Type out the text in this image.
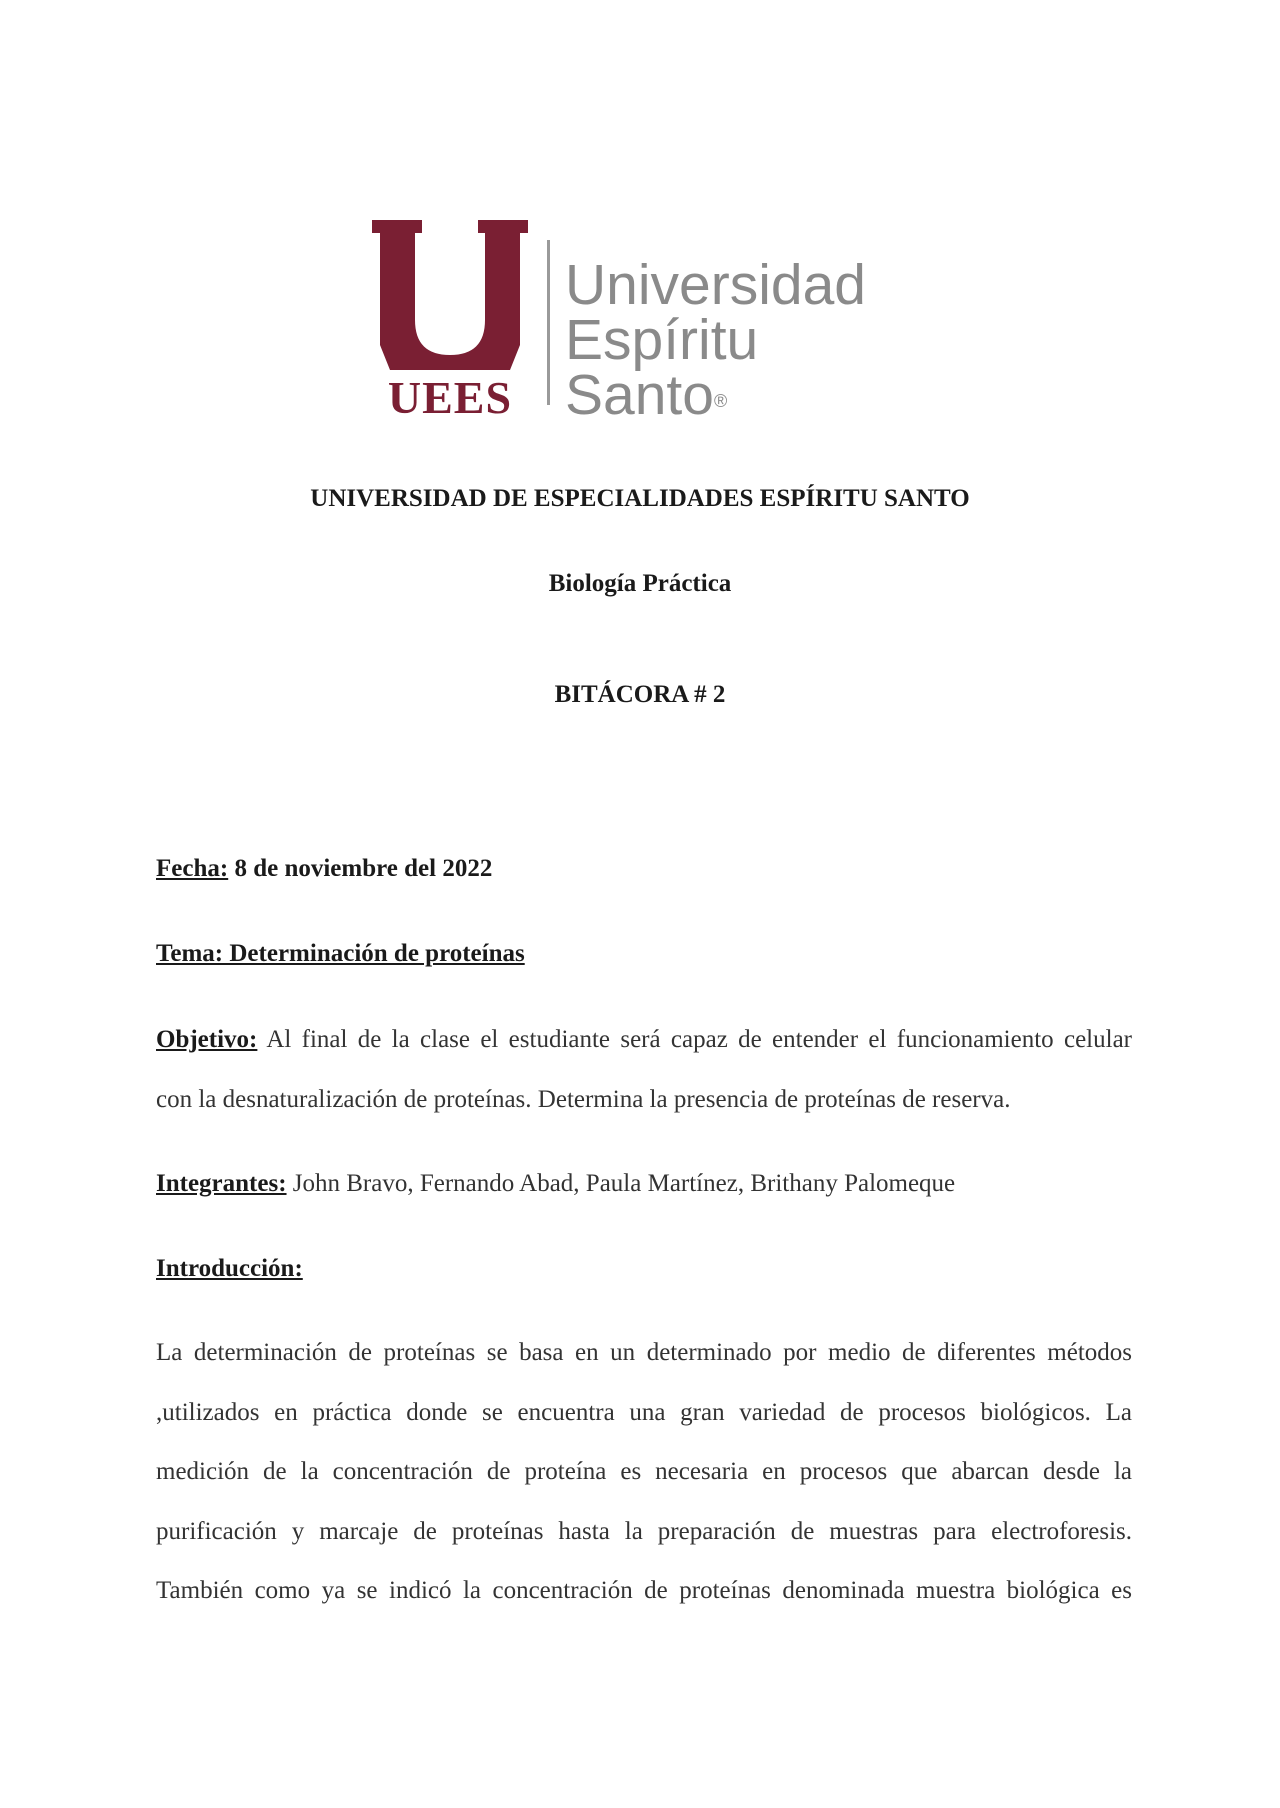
UEES
Universidad
Espíritu Santo®
UNIVERSIDAD DE ESPECIALIDADES ESPÍRITU SANTO
Biología Práctica
BITÁCORA # 2
Fecha: 8 de noviembre del 2022
Tema: Determinación de proteínas

Objetivo: Al final de la clase el estudiante será capaz de entender el funcionamiento celular

con la desnaturalización de proteínas. Determina la presencia de proteínas de reserva.

Integrantes: John Bravo, Fernando Abad, Paula Martínez, Brithany Palomeque
Introducción:

La determinación de proteínas se basa en un determinado por medio de diferentes métodos

,utilizados en práctica donde se encuentra una gran variedad de procesos biológicos. La

medición de la concentración de proteína es necesaria en procesos que abarcan desde la

purificación y marcaje de proteínas hasta la preparación de muestras para electroforesis.

También como ya se indicó la concentración de proteínas denominada muestra biológica es
